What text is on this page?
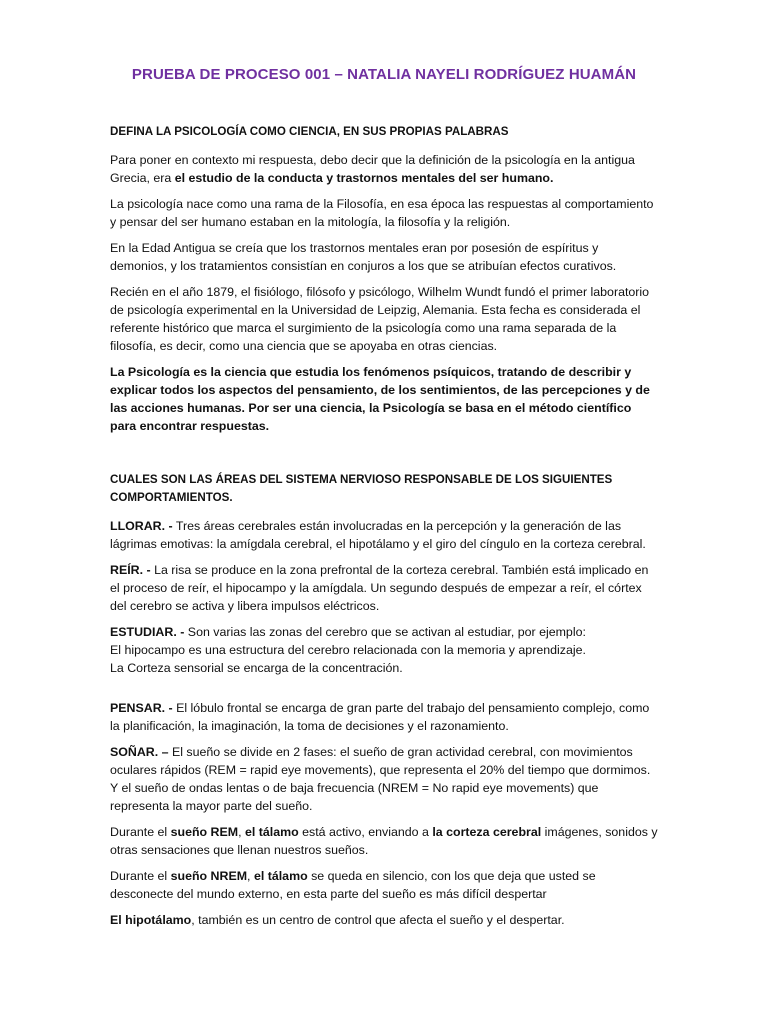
PRUEBA DE PROCESO 001 – NATALIA NAYELI RODRÍGUEZ HUAMÁN
DEFINA LA PSICOLOGÍA COMO CIENCIA, EN SUS PROPIAS PALABRAS

Para poner en contexto mi respuesta, debo decir que la definición de la psicología en la antigua Grecia, era el estudio de la conducta y trastornos mentales del ser humano.

La psicología nace como una rama de la Filosofía, en esa época las respuestas al comportamiento y pensar del ser humano estaban en la mitología, la filosofía y la religión.

En la Edad Antigua se creía que los trastornos mentales eran por posesión de espíritus y demonios, y los tratamientos consistían en conjuros a los que se atribuían efectos curativos.

Recién en el año 1879, el fisiólogo, filósofo y psicólogo, Wilhelm Wundt fundó el primer laboratorio de psicología experimental en la Universidad de Leipzig, Alemania. Esta fecha es considerada el referente histórico que marca el surgimiento de la psicología como una rama separada de la filosofía, es decir, como una ciencia que se apoyaba en otras ciencias.

La Psicología es la ciencia que estudia los fenómenos psíquicos, tratando de describir y explicar todos los aspectos del pensamiento, de los sentimientos, de las percepciones y de las acciones humanas. Por ser una ciencia, la Psicología se basa en el método científico para encontrar respuestas.

CUALES SON LAS ÁREAS DEL SISTEMA NERVIOSO RESPONSABLE DE LOS SIGUIENTES COMPORTAMIENTOS.

LLORAR. - Tres áreas cerebrales están involucradas en la percepción y la generación de las lágrimas emotivas: la amígdala cerebral, el hipotálamo y el giro del cíngulo en la corteza cerebral.

REÍR. - La risa se produce en la zona prefrontal de la corteza cerebral. También está implicado en el proceso de reír, el hipocampo y la amígdala. Un segundo después de empezar a reír, el córtex del cerebro se activa y libera impulsos eléctricos.

ESTUDIAR. - Son varias las zonas del cerebro que se activan al estudiar, por ejemplo:
El hipocampo es una estructura del cerebro relacionada con la memoria y aprendizaje.
La Corteza sensorial se encarga de la concentración.

PENSAR. - El lóbulo frontal se encarga de gran parte del trabajo del pensamiento complejo, como la planificación, la imaginación, la toma de decisiones y el razonamiento.

SOÑAR. – El sueño se divide en 2 fases: el sueño de gran actividad cerebral, con movimientos oculares rápidos (REM = rapid eye movements), que representa el 20% del tiempo que dormimos. Y el sueño de ondas lentas o de baja frecuencia (NREM = No rapid eye movements) que representa la mayor parte del sueño.

Durante el sueño REM, el tálamo está activo, enviando a la corteza cerebral imágenes, sonidos y otras sensaciones que llenan nuestros sueños.

Durante el sueño NREM, el tálamo se queda en silencio, con los que deja que usted se desconecte del mundo externo, en esta parte del sueño es más difícil despertar

El hipotálamo, también es un centro de control que afecta el sueño y el despertar.
